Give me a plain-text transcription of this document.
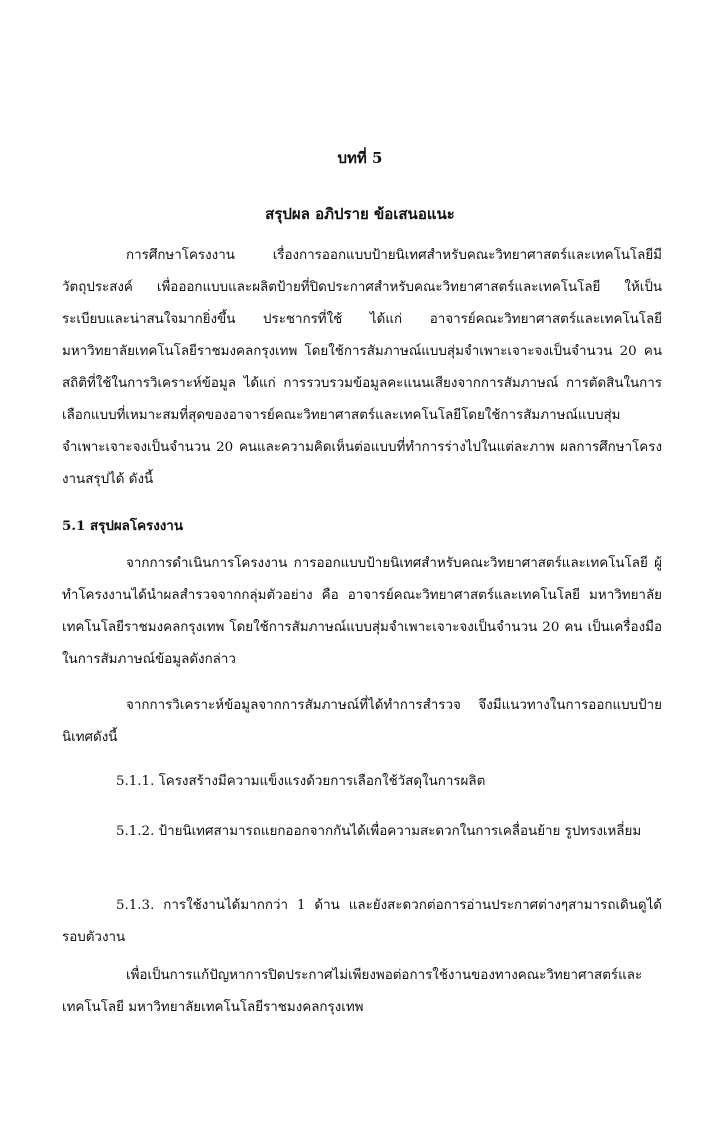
บทที่ 5
สรุปผล อภิปราย ข้อเสนอแนะ

การศึกษาโครงงาน เรื่องการออกแบบป้ายนิเทศสำหรับคณะวิทยาศาสตร์และเทคโนโลยีมีวัตถุประสงค์ เพื่อออกแบบและผลิตป้ายที่ปิดประกาศสำหรับคณะวิทยาศาสตร์และเทคโนโลยี ให้เป็นระเบียบและน่าสนใจมากยิ่งขึ้น ประชากรที่ใช้ ได้แก่ อาจารย์คณะวิทยาศาสตร์และเทคโนโลยีมหาวิทยาลัยเทคโนโลยีราชมงคลกรุงเทพ โดยใช้การสัมภาษณ์แบบสุ่มจำเพาะเจาะจงเป็นจำนวน 20 คน สถิติที่ใช้ในการวิเคราะห์ข้อมูล ได้แก่ การรวบรวมข้อมูลคะแนนเสียงจากการสัมภาษณ์ การตัดสินในการเลือกแบบที่เหมาะสมที่สุดของอาจารย์คณะวิทยาศาสตร์และเทคโนโลยีโดยใช้การสัมภาษณ์แบบสุ่มจำเพาะเจาะจงเป็นจำนวน 20 คนและความคิดเห็นต่อแบบที่ทำการร่างไปในแต่ละภาพ ผลการศึกษาโครงงานสรุปได้ ดังนี้

5.1 สรุปผลโครงงาน

จากการดำเนินการโครงงาน การออกแบบป้ายนิเทศสำหรับคณะวิทยาศาสตร์และเทคโนโลยี ผู้ทำโครงงานได้นำผลสำรวจจากกลุ่มตัวอย่าง คือ อาจารย์คณะวิทยาศาสตร์และเทคโนโลยี มหาวิทยาลัยเทคโนโลยีราชมงคลกรุงเทพ โดยใช้การสัมภาษณ์แบบสุ่มจำเพาะเจาะจงเป็นจำนวน 20 คน เป็นเครื่องมือในการสัมภาษณ์ข้อมูลดังกล่าว

จากการวิเคราะห์ข้อมูลจากการสัมภาษณ์ที่ได้ทำการสำรวจ จึงมีแนวทางในการออกแบบป้ายนิเทศดังนี้

5.1.1. โครงสร้างมีความแข็งแรงด้วยการเลือกใช้วัสดุในการผลิต

5.1.2. ป้ายนิเทศสามารถแยกออกจากกันได้เพื่อความสะดวกในการเคลื่อนย้าย รูปทรงเหลี่ยม

5.1.3. การใช้งานได้มากกว่า 1 ด้าน และยังสะดวกต่อการอ่านประกาศต่างๆสามารถเดินดูได้รอบตัวงาน

เพื่อเป็นการแก้ปัญหาการปิดประกาศไม่เพียงพอต่อการใช้งานของทางคณะวิทยาศาสตร์และเทคโนโลยี มหาวิทยาลัยเทคโนโลยีราชมงคลกรุงเทพ
